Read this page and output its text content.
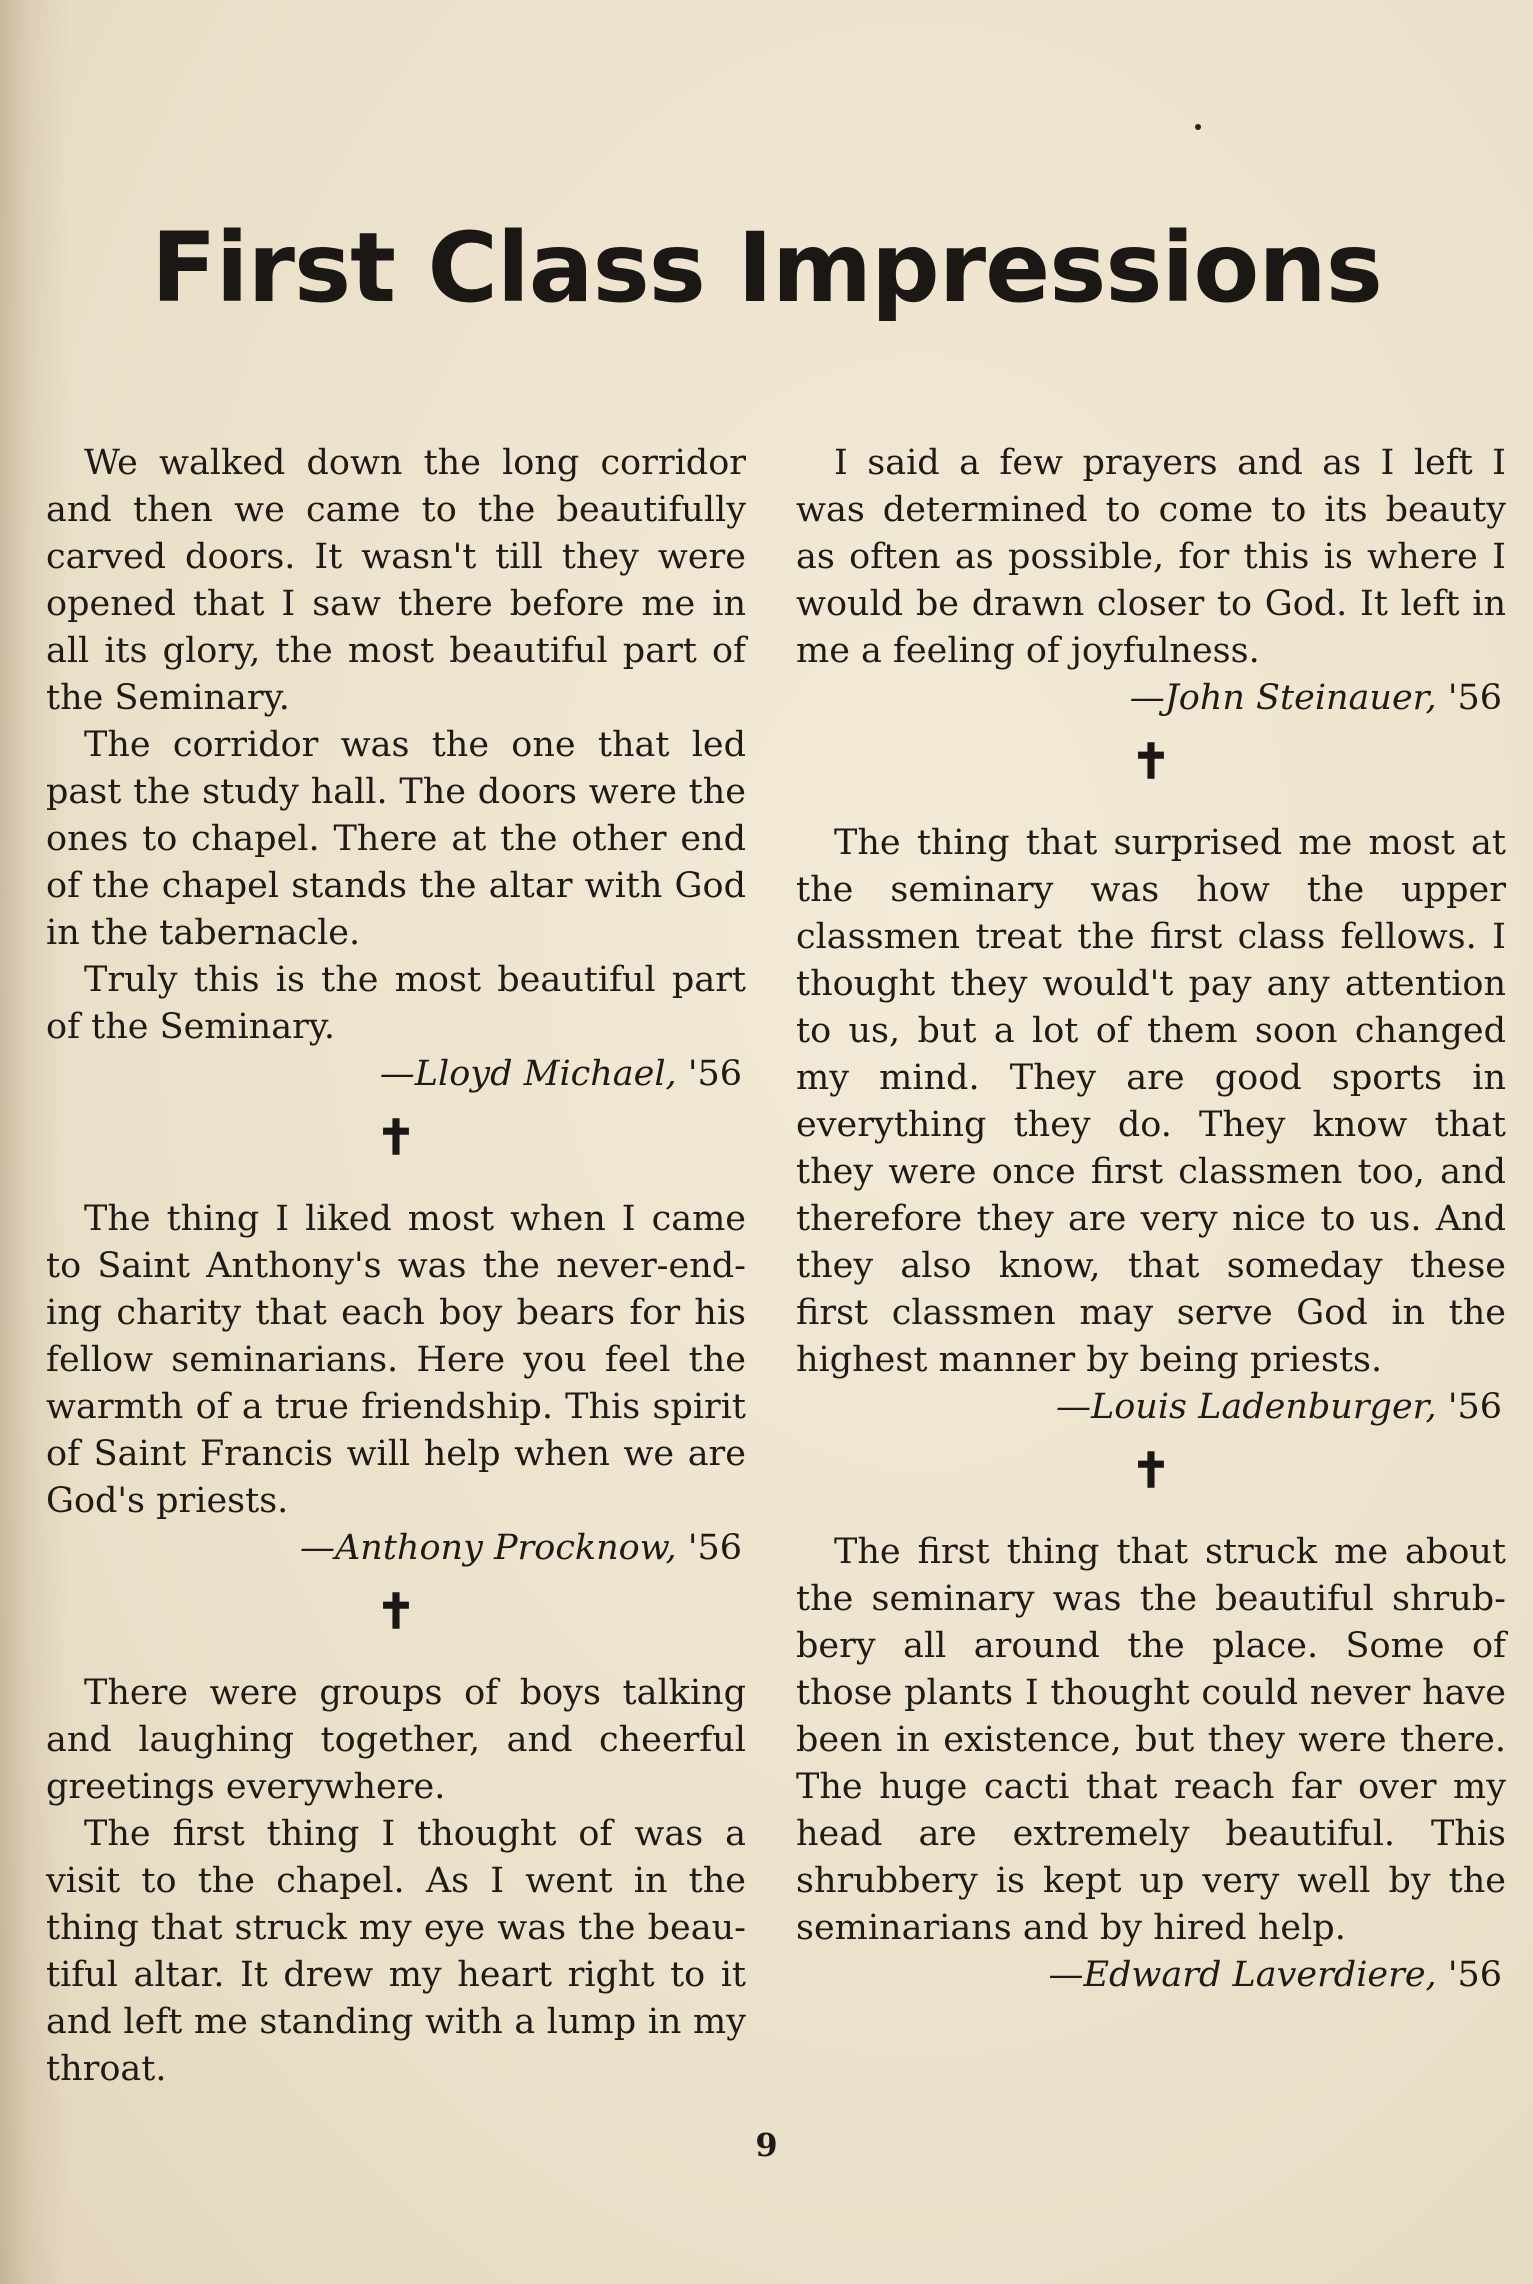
First Class Impressions

We walked down the long corridor and then we came to the beautifully carved doors. It wasn't till they were opened that I saw there before me in all its glory, the most beautiful part of the Seminary.

The corridor was the one that led past the study hall. The doors were the ones to chapel. There at the other end of the chapel stands the altar with God in the tabernacle.

Truly this is the most beautiful part of the Seminary.

—Lloyd Michael, '56

✝

The thing I liked most when I came to Saint Anthony's was the never-ending charity that each boy bears for his fellow seminarians. Here you feel the warmth of a true friendship. This spirit of Saint Francis will help when we are God's priests.

—Anthony Procknow, '56

✝

There were groups of boys talking and laughing together, and cheerful greetings everywhere.

The first thing I thought of was a visit to the chapel. As I went in the thing that struck my eye was the beautiful altar. It drew my heart right to it and left me standing with a lump in my throat.

I said a few prayers and as I left I was determined to come to its beauty as often as possible, for this is where I would be drawn closer to God. It left in me a feeling of joyfulness.

—John Steinauer, '56

✝

The thing that surprised me most at the seminary was how the upper classmen treat the first class fellows. I thought they would't pay any attention to us, but a lot of them soon changed my mind. They are good sports in everything they do. They know that they were once first classmen too, and therefore they are very nice to us. And they also know, that someday these first classmen may serve God in the highest manner by being priests.

—Louis Ladenburger, '56

✝

The first thing that struck me about the seminary was the beautiful shrubbery all around the place. Some of those plants I thought could never have been in existence, but they were there. The huge cacti that reach far over my head are extremely beautiful. This shrubbery is kept up very well by the seminarians and by hired help.

—Edward Laverdiere, '56

9
